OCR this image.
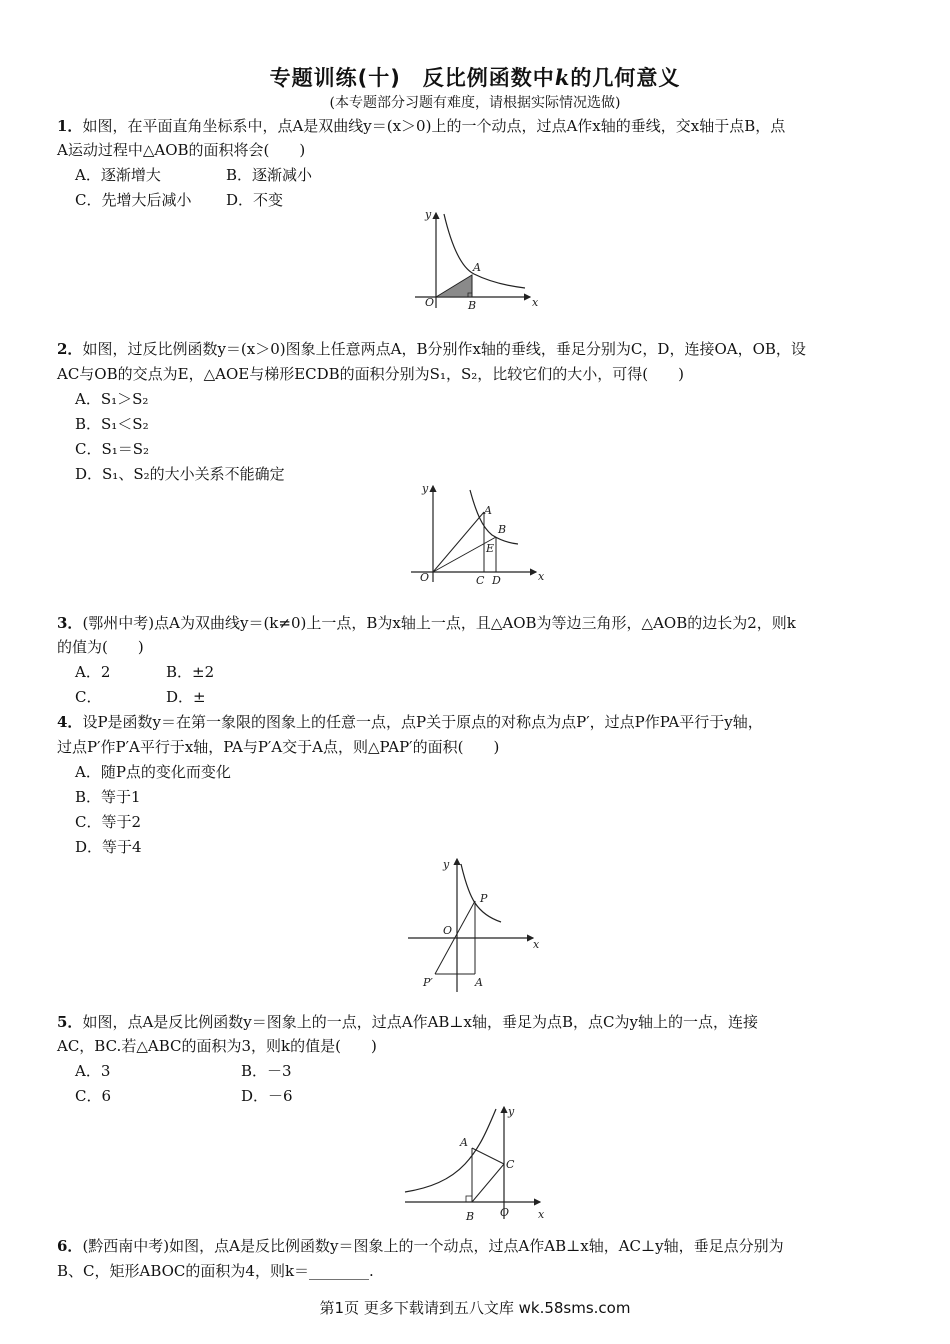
专题训练(十)　反比例函数中k的几何意义
(本专题部分习题有难度，请根据实际情况选做)
1．如图，在平面直角坐标系中，点A是双曲线y＝(x＞0)上的一个动点，过点A作x轴的垂线，交x轴于点B，点
A运动过程中△AOB的面积将会(　　)
A．逐渐增大	B．逐渐减小
C．先增大后减小 D．不变
y
x
O
A
B
2．如图，过反比例函数y＝(x＞0)图象上任意两点A，B分别作x轴的垂线，垂足分别为C，D，连接OA，OB，设
AC与OB的交点为E，△AOE与梯形ECDB的面积分别为S₁，S₂，比较它们的大小，可得(　　)
A．S₁＞S₂
B．S₁＜S₂
C．S₁＝S₂
D．S₁、S₂的大小关系不能确定
y
x
O
A
B
C D
E
3．(鄂州中考)点A为双曲线y＝(k≠0)上一点，B为x轴上一点，且△AOB为等边三角形，△AOB的边长为2，则k
的值为(　　)
A．2	B．±2
C．	D．±
4．设P是函数y＝在第一象限的图象上的任意一点，点P关于原点的对称点为点P′，过点P作PA平行于y轴，
过点P′作P′A平行于x轴，PA与P′A交于A点，则△PAP′的面积(　　)
A．随P点的变化而变化
B．等于1
C．等于2
D．等于4
y
x
O
P
P′	A
5．如图，点A是反比例函数y＝图象上的一点，过点A作AB⊥x轴，垂足为点B，点C为y轴上的一点，连接
AC，BC.若△ABC的面积为3，则k的值是(　　)
A．3	B．－3
C．6	D．－6
y
x
O
A
B
C
6．(黔西南中考)如图，点A是反比例函数y＝图象上的一个动点，过点A作AB⊥x轴，AC⊥y轴，垂足点分别为
B、C，矩形ABOC的面积为4，则k＝________.
第1页 更多下载请到五八文库 wk.58sms.com
